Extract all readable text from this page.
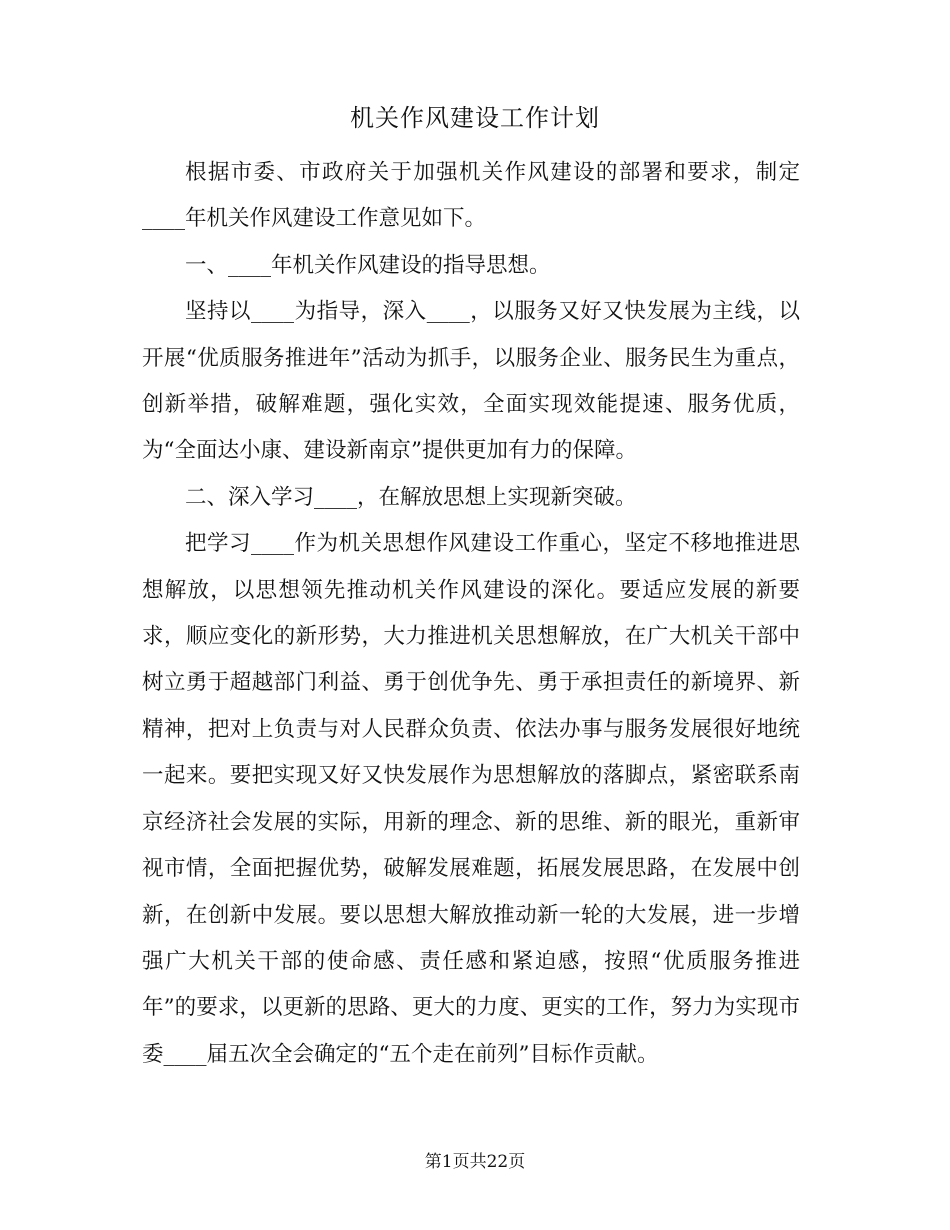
机关作风建设工作计划

根据市委、市政府关于加强机关作风建设的部署和要求，制定____年机关作风建设工作意见如下。

一、____年机关作风建设的指导思想。

坚持以____为指导，深入____，以服务又好又快发展为主线，以开展“优质服务推进年”活动为抓手，以服务企业、服务民生为重点，创新举措，破解难题，强化实效，全面实现效能提速、服务优质，为“全面达小康、建设新南京”提供更加有力的保障。

二、深入学习____，在解放思想上实现新突破。

把学习____作为机关思想作风建设工作重心，坚定不移地推进思想解放，以思想领先推动机关作风建设的深化。要适应发展的新要求，顺应变化的新形势，大力推进机关思想解放，在广大机关干部中树立勇于超越部门利益、勇于创优争先、勇于承担责任的新境界、新精神，把对上负责与对人民群众负责、依法办事与服务发展很好地统一起来。要把实现又好又快发展作为思想解放的落脚点，紧密联系南京经济社会发展的实际，用新的理念、新的思维、新的眼光，重新审视市情，全面把握优势，破解发展难题，拓展发展思路，在发展中创新，在创新中发展。要以思想大解放推动新一轮的大发展，进一步增强广大机关干部的使命感、责任感和紧迫感，按照“优质服务推进年”的要求，以更新的思路、更大的力度、更实的工作，努力为实现市委____届五次全会确定的“五个走在前列”目标作贡献。

第1页共22页
